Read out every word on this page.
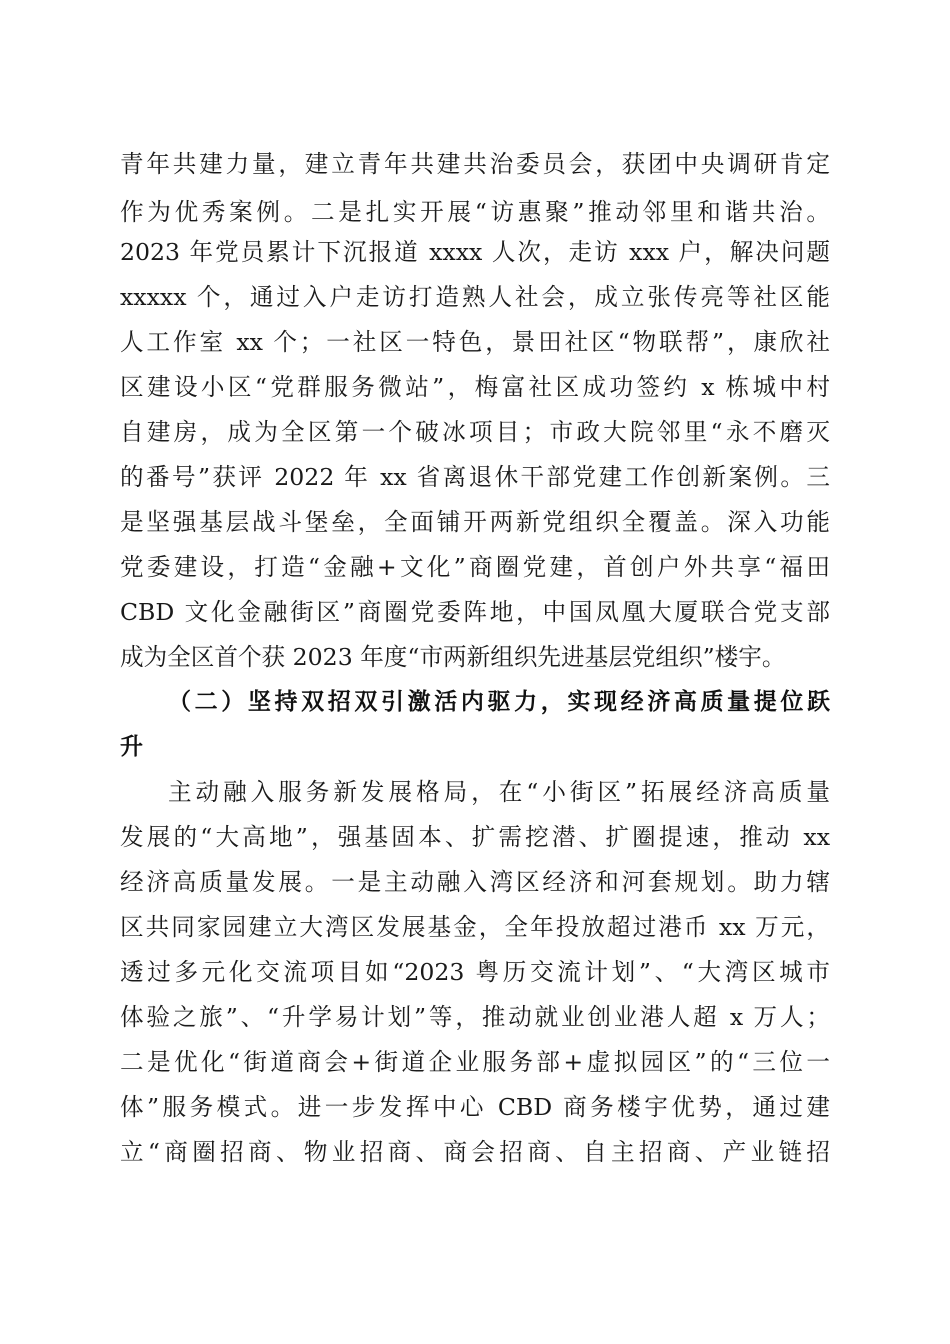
青年共建力量，建立青年共建共治委员会，获团中央调研肯定
作为优秀案例。二是扎实开展“访惠聚”推动邻里和谐共治。
2023 年党员累计下沉报道 xxxx 人次，走访 xxx 户，解决问题
xxxxx 个，通过入户走访打造熟人社会，成立张传亮等社区能
人工作室 xx 个；一社区一特色，景田社区“物联帮”，康欣社
区建设小区“党群服务微站”，梅富社区成功签约 x 栋城中村
自建房，成为全区第一个破冰项目；市政大院邻里“永不磨灭
的番号”获评 2022 年 xx 省离退休干部党建工作创新案例。三
是坚强基层战斗堡垒，全面铺开两新党组织全覆盖。深入功能
党委建设，打造“金融+文化”商圈党建，首创户外共享“福田
CBD 文化金融街区”商圈党委阵地，中国凤凰大厦联合党支部
成为全区首个获 2023 年度“市两新组织先进基层党组织”楼宇。
（二）坚持双招双引激活内驱力，实现经济高质量提位跃
升
主动融入服务新发展格局，在“小街区”拓展经济高质量
发展的“大高地”，强基固本、扩需挖潜、扩圈提速，推动 xx
经济高质量发展。一是主动融入湾区经济和河套规划。助力辖
区共同家园建立大湾区发展基金，全年投放超过港币 xx 万元，
透过多元化交流项目如“2023 粤历交流计划”、“大湾区城市
体验之旅”、“升学易计划”等，推动就业创业港人超 x 万人；
二是优化“街道商会+街道企业服务部+虚拟园区”的“三位一
体”服务模式。进一步发挥中心 CBD 商务楼宇优势，通过建
立“商圈招商、物业招商、商会招商、自主招商、产业链招
